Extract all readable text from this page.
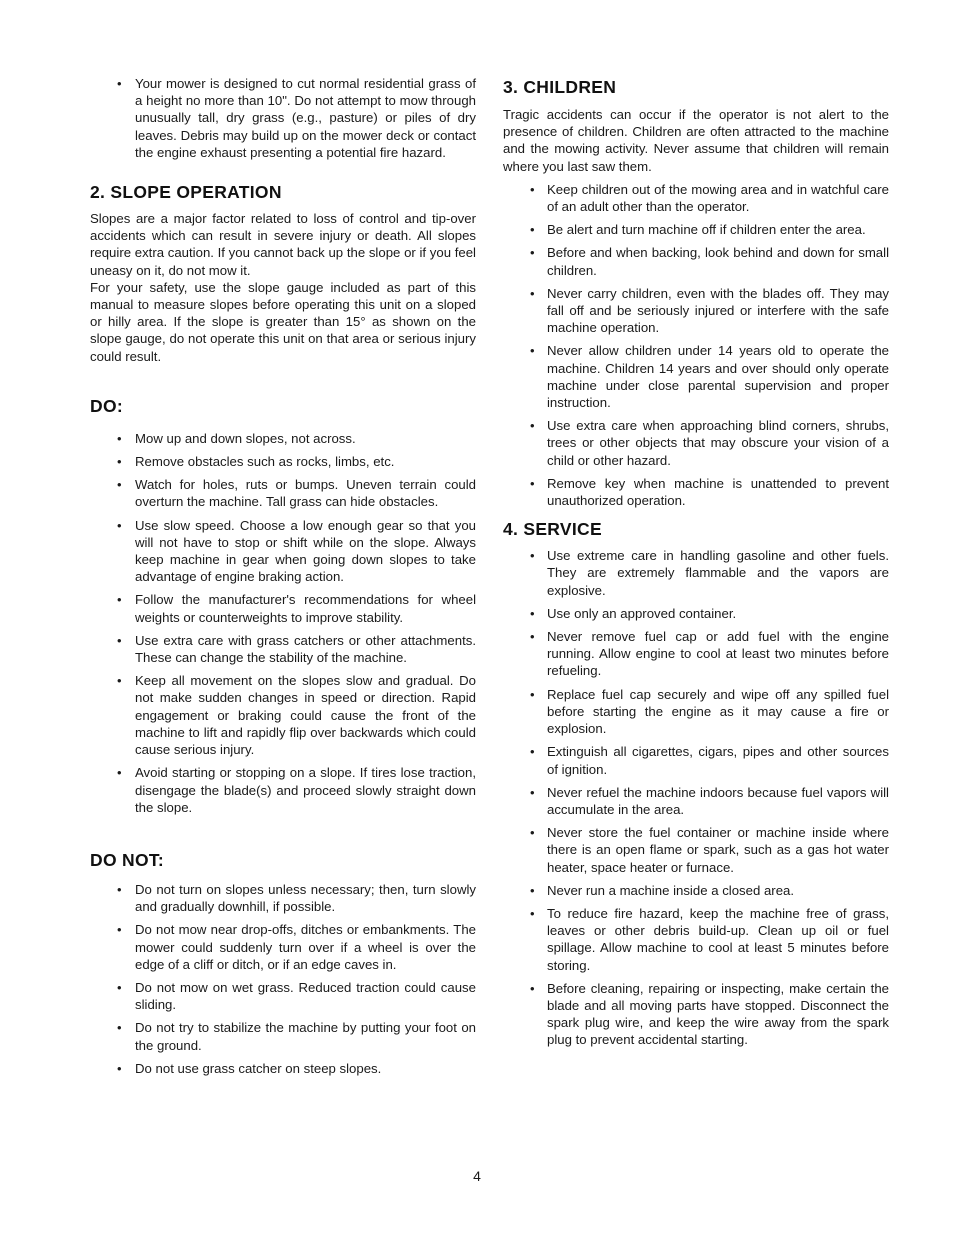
• Your mower is designed to cut normal residential grass of a height no more than 10". Do not attempt to mow through unusually tall, dry grass (e.g., pasture) or piles of dry leaves. Debris may build up on the mower deck or contact the engine exhaust presenting a potential fire hazard.
2. SLOPE OPERATION

Slopes are a major factor related to loss of control and tip-over accidents which can result in severe injury or death. All slopes require extra caution. If you cannot back up the slope or if you feel uneasy on it, do not mow it.

For your safety, use the slope gauge included as part of this manual to measure slopes before operating this unit on a sloped or hilly area. If the slope is greater than 15° as shown on the slope gauge, do not operate this unit on that area or serious injury could result.

DO:
• Mow up and down slopes, not across.
• Remove obstacles such as rocks, limbs, etc.
• Watch for holes, ruts or bumps. Uneven terrain could overturn the machine. Tall grass can hide obstacles.
• Use slow speed. Choose a low enough gear so that you will not have to stop or shift while on the slope. Always keep machine in gear when going down slopes to take advantage of engine braking action.
• Follow the manufacturer's recommendations for wheel weights or counterweights to improve stability.
• Use extra care with grass catchers or other attachments. These can change the stability of the machine.
• Keep all movement on the slopes slow and gradual. Do not make sudden changes in speed or direction. Rapid engagement or braking could cause the front of the machine to lift and rapidly flip over backwards which could cause serious injury.
• Avoid starting or stopping on a slope. If tires lose traction, disengage the blade(s) and proceed slowly straight down the slope.
DO NOT:
• Do not turn on slopes unless necessary; then, turn slowly and gradually downhill, if possible.
• Do not mow near drop-offs, ditches or embankments. The mower could suddenly turn over if a wheel is over the edge of a cliff or ditch, or if an edge caves in.
• Do not mow on wet grass. Reduced traction could cause sliding.
• Do not try to stabilize the machine by putting your foot on the ground.
• Do not use grass catcher on steep slopes.
3. CHILDREN

Tragic accidents can occur if the operator is not alert to the presence of children. Children are often attracted to the machine and the mowing activity. Never assume that children will remain where you last saw them.

• Keep children out of the mowing area and in watchful care of an adult other than the operator.
• Be alert and turn machine off if children enter the area.
• Before and when backing, look behind and down for small children.
• Never carry children, even with the blades off. They may fall off and be seriously injured or interfere with the safe machine operation.
• Never allow children under 14 years old to operate the machine. Children 14 years and over should only operate machine under close parental supervision and proper instruction.
• Use extra care when approaching blind corners, shrubs, trees or other objects that may obscure your vision of a child or other hazard.
• Remove key when machine is unattended to prevent unauthorized operation.
4. SERVICE
• Use extreme care in handling gasoline and other fuels. They are extremely flammable and the vapors are explosive.
• Use only an approved container.
• Never remove fuel cap or add fuel with the engine running. Allow engine to cool at least two minutes before refueling.
• Replace fuel cap securely and wipe off any spilled fuel before starting the engine as it may cause a fire or explosion.
• Extinguish all cigarettes, cigars, pipes and other sources of ignition.
• Never refuel the machine indoors because fuel vapors will accumulate in the area.
• Never store the fuel container or machine inside where there is an open flame or spark, such as a gas hot water heater, space heater or furnace.
• Never run a machine inside a closed area.
• To reduce fire hazard, keep the machine free of grass, leaves or other debris build-up. Clean up oil or fuel spillage. Allow machine to cool at least 5 minutes before storing.
• Before cleaning, repairing or inspecting, make certain the blade and all moving parts have stopped. Disconnect the spark plug wire, and keep the wire away from the spark plug to prevent accidental starting.
4
